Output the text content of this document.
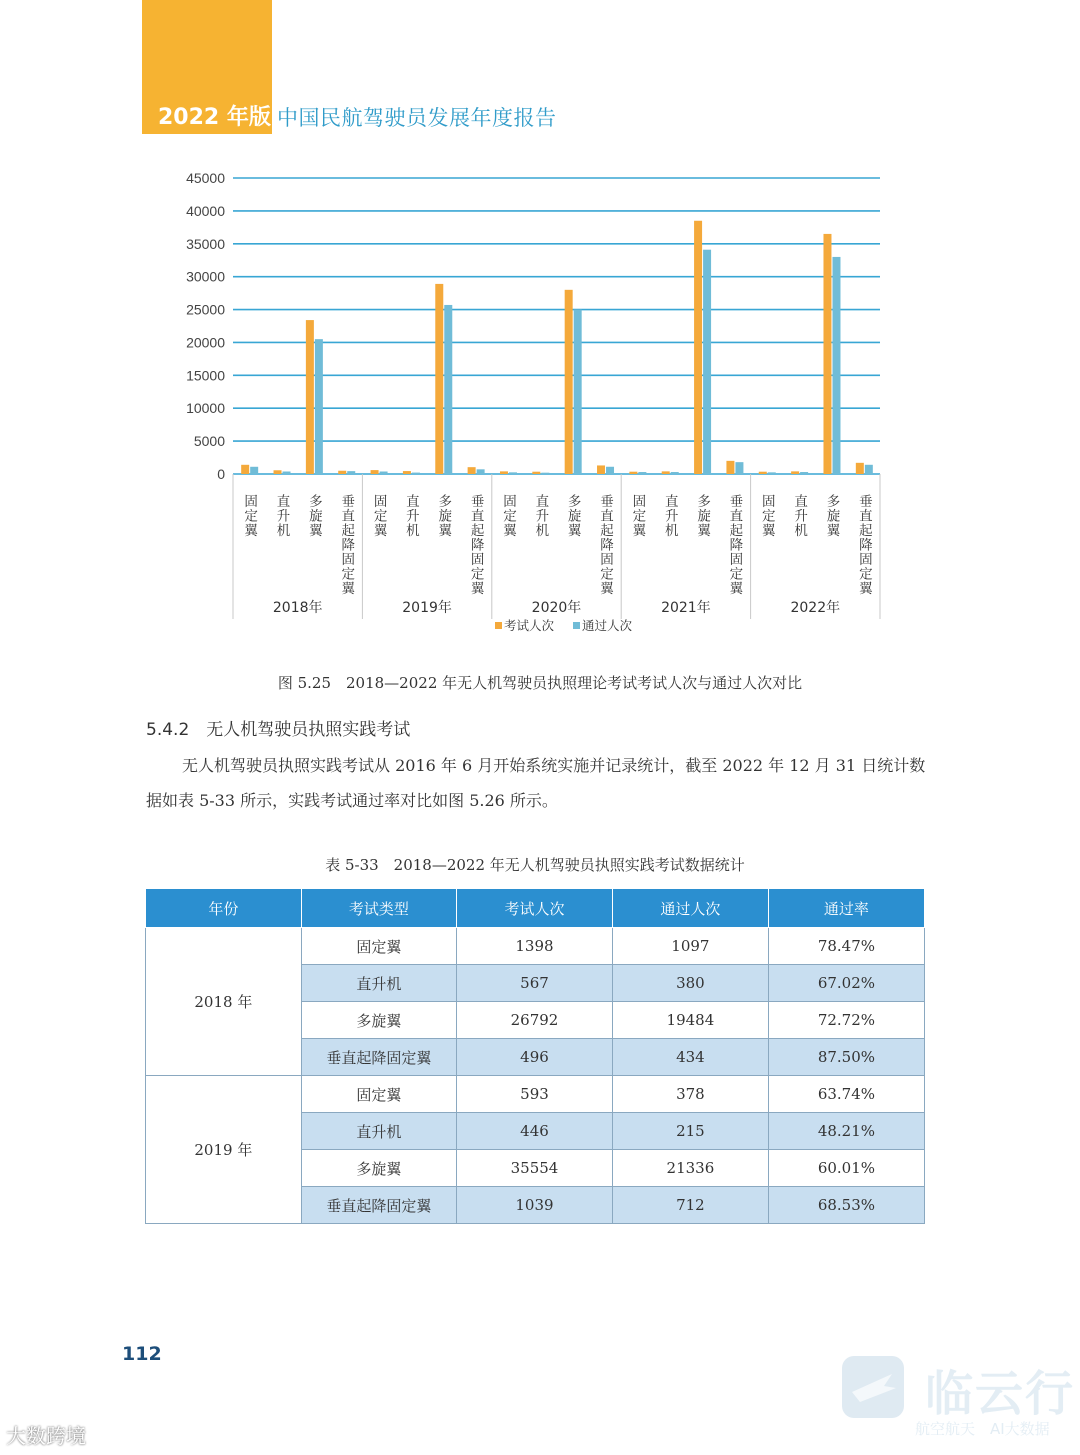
2022 年版 中国民航驾驶员发展年度报告
0
5000
10000
15000
20000
25000
30000
35000
40000
45000
固定翼 直升机 多旋翼 垂直起降固定翼
2018年
固定翼 直升机 多旋翼 垂直起降固定翼
2019年
固定翼 直升机 多旋翼 垂直起降固定翼
2020年
固定翼 直升机 多旋翼 垂直起降固定翼
2021年
固定翼 直升机 多旋翼 垂直起降固定翼
2022年
考试人次 通过人次
图 5.25　2018—2022 年无人机驾驶员执照理论考试考试人次与通过人次对比
5.4.2　无人机驾驶员执照实践考试
无人机驾驶员执照实践考试从 2016 年 6 月开始系统实施并记录统计，截至 2022 年 12 月 31 日统计数据如表 5-33 所示，实践考试通过率对比如图 5.26 所示。
表 5-33　2018—2022 年无人机驾驶员执照实践考试数据统计
年份	考试类型	考试人次	通过人次	通过率
2018 年	固定翼	1398	1097	78.47%
	直升机	567	380	67.02%
	多旋翼	26792	19484	72.72%
	垂直起降固定翼	496	434	87.50%
2019 年	固定翼	593	378	63.74%
	直升机	446	215	48.21%
	多旋翼	35554	21336	60.01%
	垂直起降固定翼	1039	712	68.53%
112
大数跨境
临云行
航空航天　AI大数据
